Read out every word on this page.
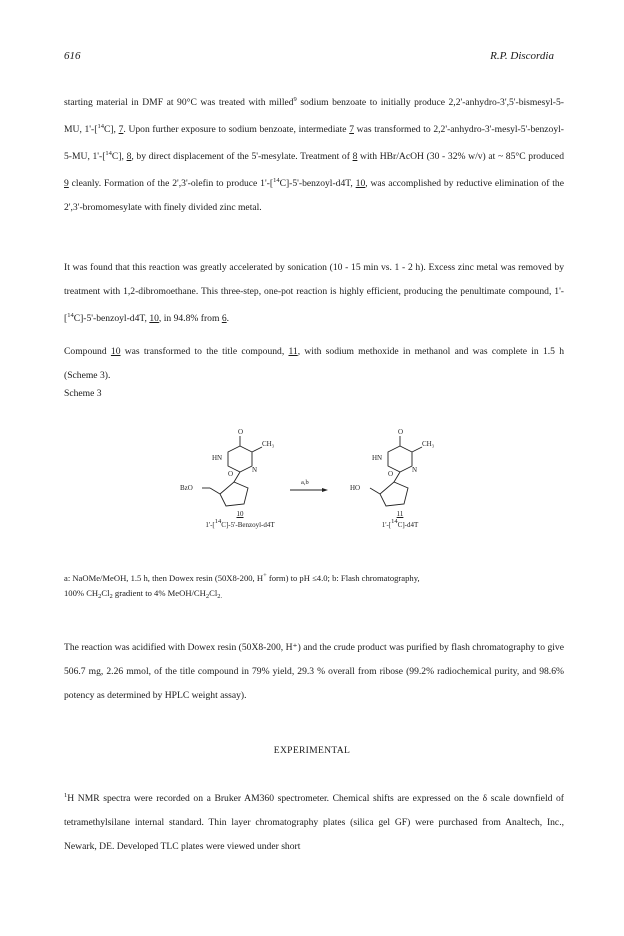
616	R.P. Discordia

starting material in DMF at 90°C was treated with milled$^9$ sodium benzoate to initially produce 2,2'-anhydro-3',5'-bismesyl-5-MU, 1'-[$^{14}$C], 7. Upon further exposure to sodium benzoate, intermediate 7 was transformed to 2,2'-anhydro-3'-mesyl-5'-benzoyl-5-MU, 1'-[$^{14}$C], 8, by direct displacement of the 5'-mesylate. Treatment of 8 with HBr/AcOH (30 - 32% w/v) at ~ 85°C produced 9 cleanly. Formation of the 2',3'-olefin to produce 1'-[$^{14}$C]-5'-benzoyl-d4T, 10, was accomplished by reductive elimination of the 2',3'-bromomesylate with finely divided zinc metal.

It was found that this reaction was greatly accelerated by sonication (10 - 15 min vs. 1 - 2 h). Excess zinc metal was removed by treatment with 1,2-dibromoethane. This three-step, one-pot reaction is highly efficient, producing the penultimate compound, 1'-[$^{14}$C]-5'-benzoyl-d4T, 10, in 94.8% from 6.

Compound 10 was transformed to the title compound, 11, with sodium methoxide in methanol and was complete in 1.5 h (Scheme 3).

Scheme 3
O
CH₃
HN
N
O
BzO
a,b
O
CH₃
HN
N
O
HO
10
1'-[14C]-5'-Benzoyl-d4T
11
1'-[14C]-d4T
a: NaOMe/MeOH, 1.5 h, then Dowex resin (50X8-200, H+ form) to pH ≤4.0; b: Flash chromatography,
100% $CH_2Cl_2$ gradient to 4% MeOH/$CH_2Cl_{2.}$

The reaction was acidified with Dowex resin (50X8-200, H⁺) and the crude product was purified by flash chromatography to give 506.7 mg, 2.26 mmol, of the title compound in 79% yield, 29.3 % overall from ribose (99.2% radiochemical purity, and 98.6% potency as determined by HPLC weight assay).

EXPERIMENTAL

$^1$H NMR spectra were recorded on a Bruker AM360 spectrometer. Chemical shifts are expressed on the δ scale downfield of tetramethylsilane internal standard. Thin layer chromatography plates (silica gel GF) were purchased from Analtech, Inc., Newark, DE. Developed TLC plates were viewed under short
